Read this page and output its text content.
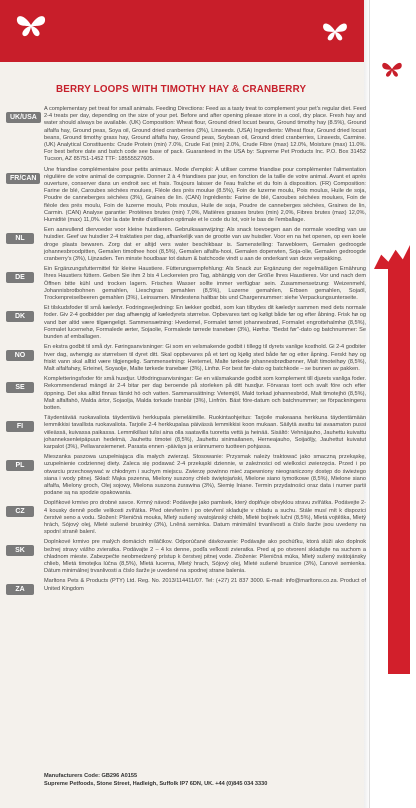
BERRY LOOPS WITH TIMOTHY HAY & CRANBERRY
UK/USA
A complementary pet treat for small animals. Feeding Directions: Feed as a tasty treat to complement your pet's regular diet. Feed 2-4 treats per day, depending on the size of your pet. Before and after opening please store in a cool, dry place. Fresh hay and water should always be available. (UK) Composition: Wheat flour, Ground dried locust beans, Ground timothy hay (8.5%), Ground alfalfa hay, Ground peas, Soya oil, Ground dried cranberries (3%), Linseeds. (USA) Ingredients: Wheat flour, Ground dried locust beans, Ground timothy grass hay, Ground alfalfa hay, Ground peas, Soybean oil, Ground dried cranberries, Linseeds, Carmine. (UK) Analytical Constituents: Crude Protein (min) 7.0%, Crude Fat (min) 2.0%, Crude Fibre (max) 12.0%, Moisture (max) 11.0%. For best before date and batch code see base of pack. Guaranteed in the USA by: Supreme Pet Products Inc. P.O. Box 31452 Tucson, AZ 85751-1452 TTF: 18555527605.
FR/CAN
Une friandise complémentaire pour petits animaux. Mode d'emploi: À utiliser comme friandise pour complémenter l'alimentation régulière de votre animal de compagnie. Donner 2 à 4 friandises par jour, en fonction de la taille de votre animal. Avant et après ouverture, conserver dans un endroit sec et frais. Toujours laisser de l'eau fraîche et du foin à disposition. (FR) Composition: Farine de blé, Caroubes séchées moulues, Fléole des prés moulue (8.5%), Foin de luzerne moulu, Pois moulus, Huile de soja, Poudre de canneberges séchées (3%), Graines de lin. (CAN) Ingrédients: Farine de blé, Caroubes séchées moulues, Foin de fléole des prés moulu, Foin de luzerne moulu, Pois moulus, Huile de soja, Poudre de canneberges séchées, Graines de lin, Carmin. (CAN) Analyse garantie: Protéines brutes (min) 7,0%, Matières grasses brutes (min) 2,0%, Fibres brutes (max) 12,0%, Humidité (max) 11,0%. Voir la date limite d'utilisation optimale et le code du lot, voir le bas de l'emballage.
NL
Een aanvullend diervoeder voor kleine huisdieren. Gebruiksaanwijzing: Als snack toevoegen aan de normale voeding van uw huisdier. Geef uw huisdier 2-4 traktaties per dag, afhankelijk van de grootte van uw huisdier. Voor en na het openen, op een koele droge plaats bewaren. Zorg dat er altijd vers water beschikbaar is. Samenstelling: Tarwebloem, Gemalen gedroogde johannesbroodpitten, Gemalen timothee hooi (8,5%), Gemalen alfalfa-hooi, Gemalen doperwten, Soja-olie, Gemalen gedroogde cranberry's (3%), Lijnzaden. Ten minste houdbaar tot datum & batchcode vindt u aan de onderkant van deze verpakking.
DE
Ein Ergänzungsfuttermittel für kleine Haustiere. Fütterungsempfehlung: Als Snack zur Ergänzung der regelmäßigen Ernährung Ihres Haustiers füttern. Geben Sie ihm 2 bis 4 Leckereien pro Tag, abhängig von der Größe Ihres Haustieres. Vor und nach dem Öffnen bitte kühl und trocken lagern. Frisches Wasser sollte immer verfügbar sein. Zusammensetzung: Weizenmehl, Johannisbrotbohnen gemahlen, Lieschgras gemahlen (8,5%), Luzerne gemahlen, Erbsen gemahlen, Sojaöl, Trockenpreiselbeeren gemahlen (3%), Leinsamen. Mindestens haltbar bis und Chargennummer: siehe Verpackungsunterseite.
DK
Et tilskudsfoder til små kæledyr. Fodringsvejledning: En lækker godbid, som kan tilbydes dit kæledyr sammen med dets normale foder. Giv 2-4 godbidder per dag afhængig af kæledyrets størrelse. Opbevares tørt og køligt både før og efter åbning. Frisk hø og vand bør altid være tilgængeligt. Sammensætning: Hvedemel, Formalet tørret johannesbrød, Formalet engrottehalmhø (8,5%), Formalet lucernehø, Formalede ærter, Sojaolie, Formalede tørrede tranebær (3%), Hørfrø. "Bedst før"-dato og batchnummer: Se bunden af emballagen.
NO
En ekstra godbit til små dyr. Føringsanvisninger: Gi som en velsmakende godbit i tillegg til dyrets vanlige kosthold. Gi 2-4 godbiter hver dag, avhengig av størrelsen til dyret ditt. Skal oppbevares på et tørt og kjølig sted både før og etter åpning. Ferskt høy og friskt vann skal alltid være tilgjengelig. Sammensetning: Hvetemel, Malte tørkede johannesbrødbønner, Malt timoteihøy (8,5%), Malt alfalfahøy, Erteinel, Soyaolje, Malte tørkede tranebær (3%), Linfrø. For best før-dato og batchkode – se bunnen av pakken.
SE
Kompletteringsfoder för små husdjur. Utfodringsanvisningar: Ge en välsmakande godbit som komplement till djurets vanliga foder. Rekommenderad mängd är 2-4 bitar per dag beroende på storleken på ditt husdjur. Förvaras torrt och svalt före och efter öppning. Det ska alltid finnas färskt hö och vatten. Sammansättning: Vetemjöl, Mald torkad johannesbröd, Malt timotejhö (8,5%), Malt alfalfahö, Malda ärtor, Sojaolja, Malda torkade tranbär (3%), Linfrön. Bäst före-datum och batchnummer; se förpackningens botten.
FI
Täydentävää ruokavaliota täydentävä herkkupala pieneläimille. Ruokintaohjeitus: Tarjoile makeaana herkkuna täydentämään lemmikkisi tavallista ruokavaliota. Tarjoile 2-4 herkkupalaa päivässä lemmikkisi koon mukaan. Säilytä avattu tai avaamaton pussi viileässä, kuivassa paikassa. Lemmikillasi tulisi aina olla saatavilla tuoretta vettä ja heinää. Sisältö: Vehnäjauho, Jauhettu kuivattu johanneksenleipäpuun hedelmä, Jauhettu timotei (8,5%), Jauhettu sinimailanen, Herneajauho, Soijaöljy, Jauhettut kuivatut karpalot (3%), Pellavansiemenet. Parasta ennen -päiväys ja erännumero tuotteen pohjassa.
PL
Mieszanka paszowa uzupełniająca dla małych zwierząt. Stosowanie: Przysmak należy traktować jako smaczną przekąskę, uzupełnienie codziennej diety. Zaleca się podawać 2-4 przekąski dziennie, w zależności od wielkości zwierzęcia. Przed i po otwarciu przechowywać w chłodnym i suchym miejscu. Zwierzę powinno mieć zapewniony nieograniczony dostęp do świeżego siana i wody pitnej. Skład: Mąka pszenna, Mielony suszony chleb świętojański, Mielone siano tymotkowe (8,5%), Mielone siano alfalfa, Mielony groch, Olej sojowy, Mielona suszona żurawina (3%), Siemię Iniane. Termin przydatności oraz data i numer partii podane są na spodzie opakowania.
CZ
Doplňkové krmivo pro drobné savce. Krmný návod: Podávejte jako pamlsek, který doplňuje obvyklou stravu zvířátka. Podávejte 2-4 kousky denně podle velikosti zvířátka. Před otevřením i po otevření skladujte v chladu a suchu. Stále musí mít k dispozici čerstvé seno a vodu. Složení: Pšeničná mouka, Mletý sušený svatojánský chléb, Mleté bojínek luční (8,5%), Mletá vojtěška, Mletý hrách, Sójový olej, Mleté sušené brusinky (3%), Lněná semínka. Datum minimální trvanlivosti a číslo šarže jsou uvedeny na spodní straně balení.
SK
Doplnkové krmivo pre malých domácich miláčikov. Odporúčané dávkovanie: Podávajte ako pochúťku, ktorá slúži ako doplnok bežnej stravy vášho zvieratka. Podávajte 2 – 4 ks denne, podľa veľkosti zvieratka. Pred aj po otvorení skladujte na suchom a chladnom mieste. Zabezpečte neobmedzený prístup k čerstvej pitnej vode. Zloženie: Pšeničná múka, Mletý sušený svätojánsky chlieb, Mletá timotejka lúčna (8,5%), Mletá lucerna, Mletý hrach, Sójový olej, Mleté sušené brusnice (3%), Ľanové semienka. Dátum minimálnej trvanlivosti a číslo šarže je uvedené na spodnej strane balenia.
ZA
Marltons Pets & Products (PTY) Ltd. Reg. No. 2013/114411/07. Tel: (+27) 21 837 3000. E-mail: info@marltons.co.za. Product of United Kingdom
Manufacturers Code: GB296 A0155
Supreme Petfoods, Stone Street, Hadleigh, Suffolk IP7 6DN, UK. +44 (0)845 034 3330
